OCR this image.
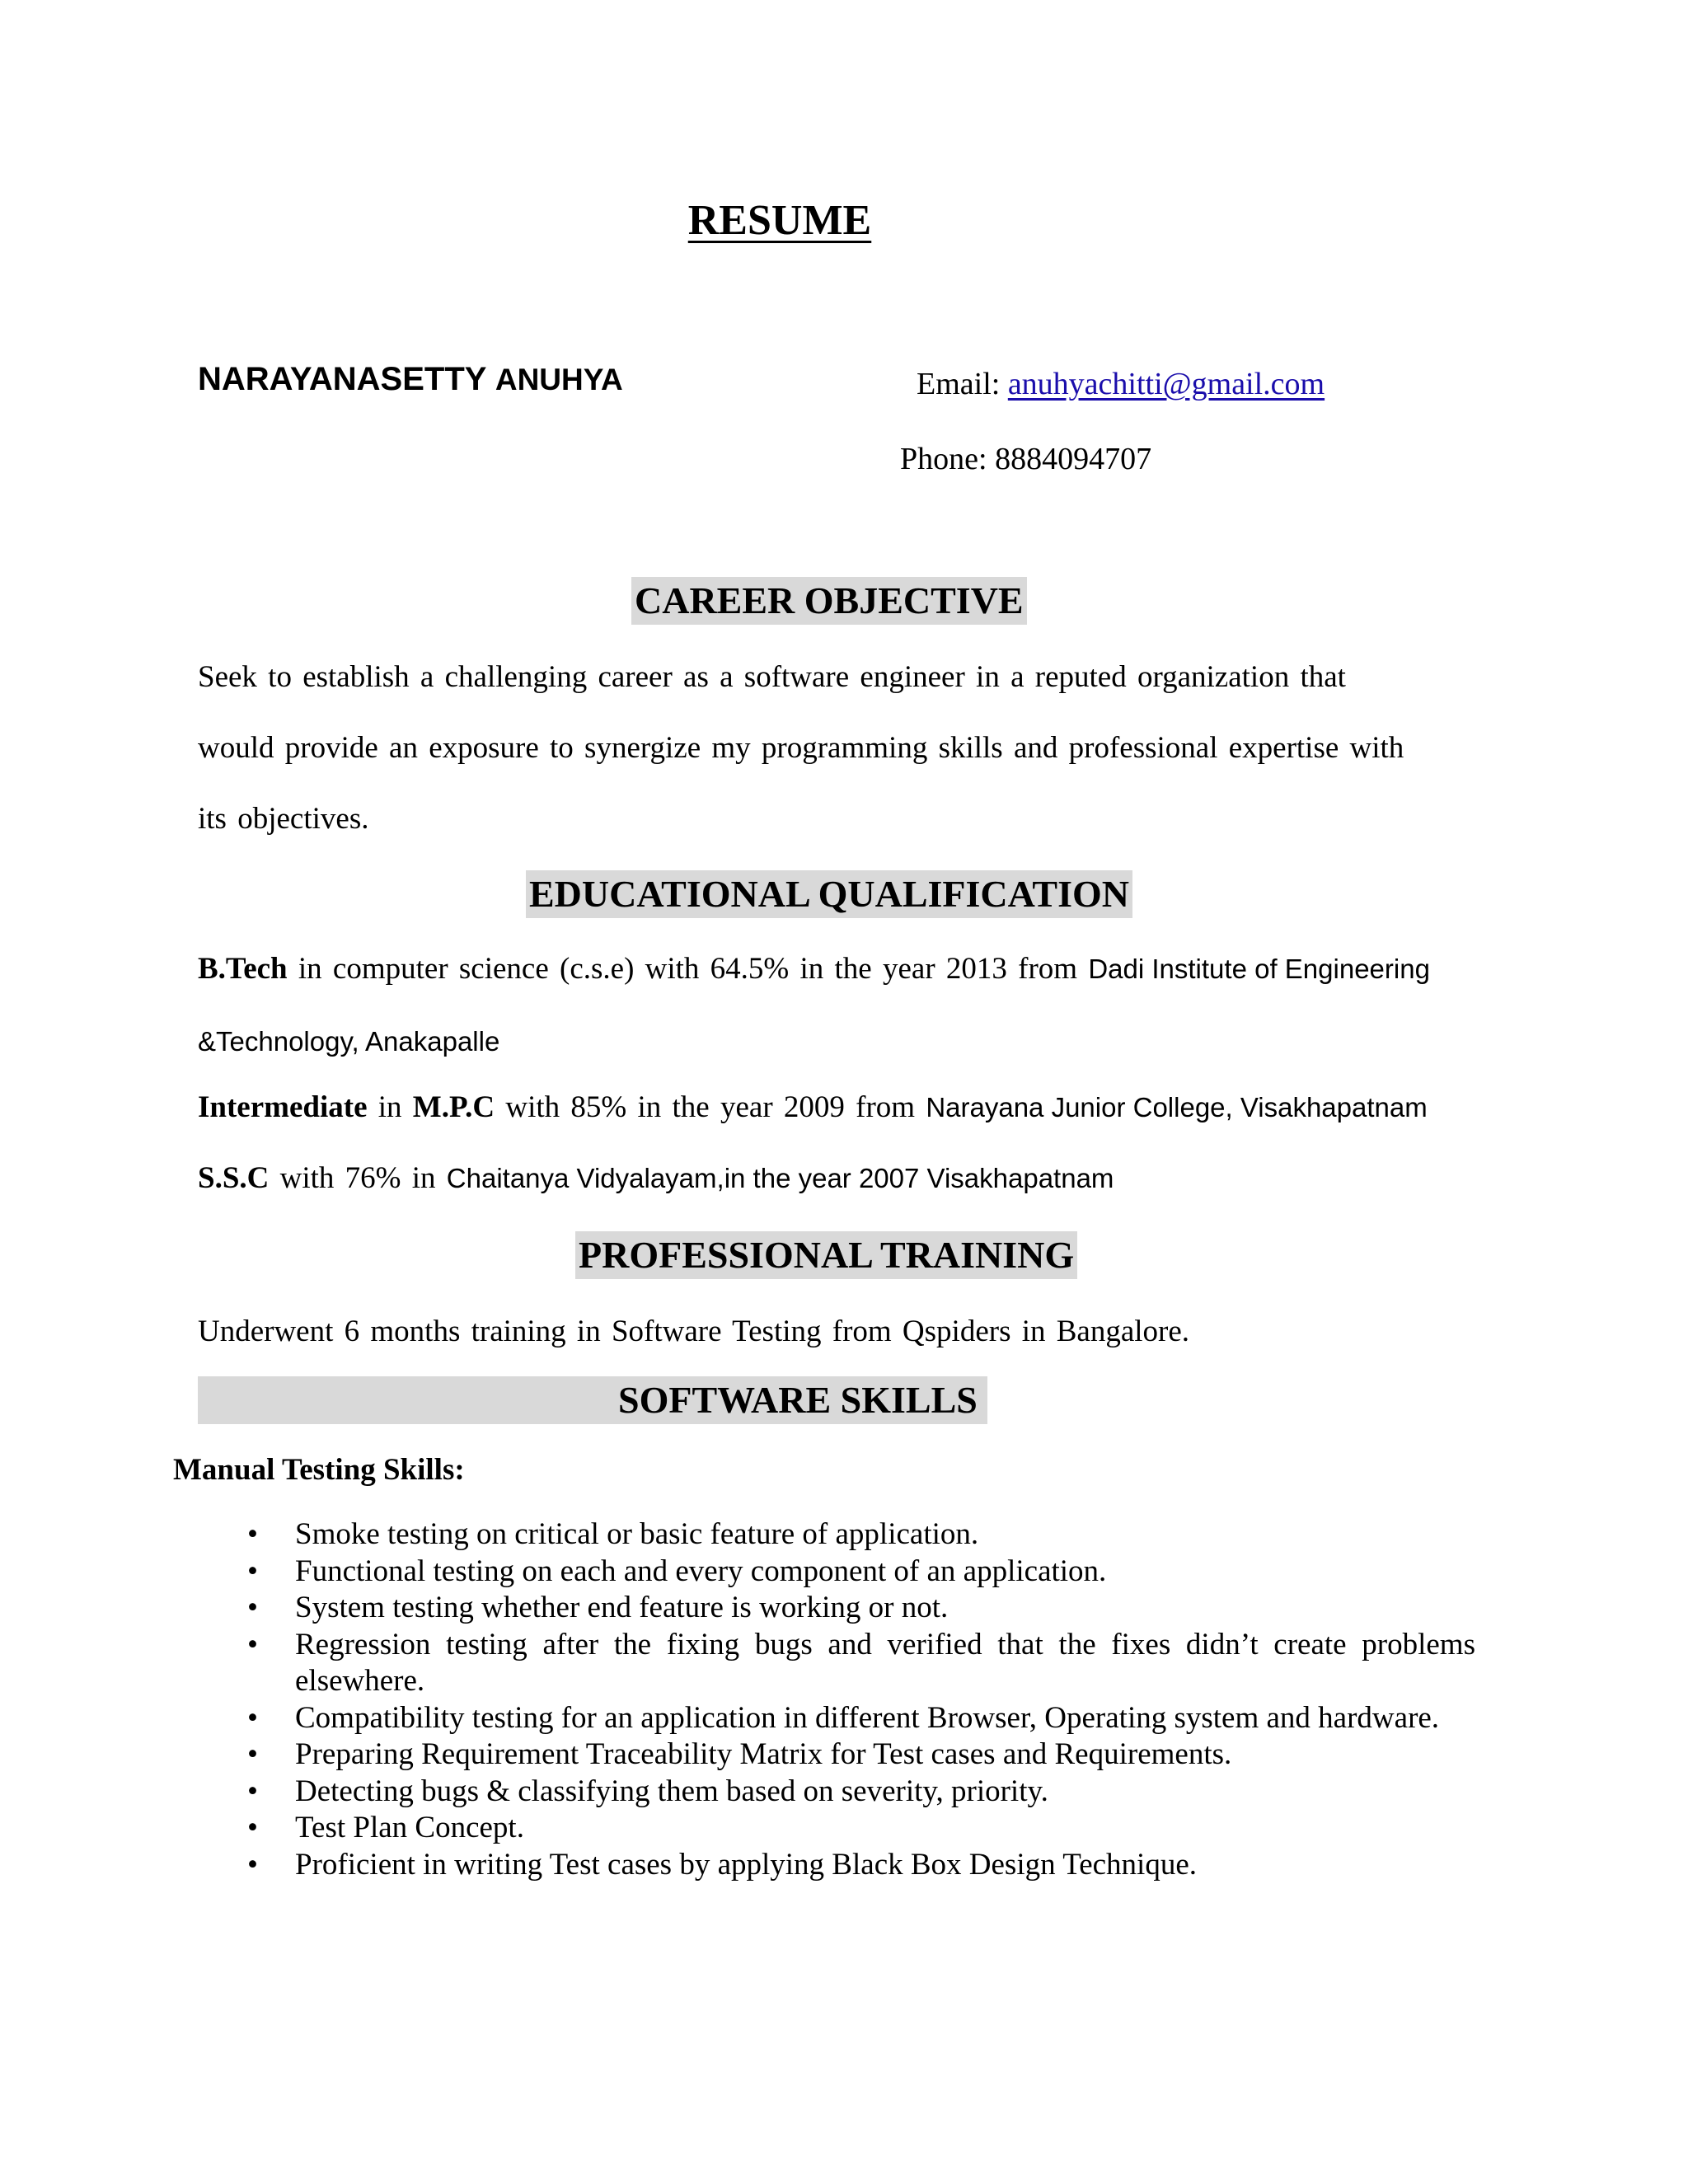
RESUME
NARAYANASETTY ANUHYA	Email: anuhyachitti@gmail.com
Phone: 8884094707
CAREER OBJECTIVE
Seek to establish a challenging career as a software engineer in a reputed organization that
would provide an exposure to synergize my programming skills and professional expertise with
its objectives.
EDUCATIONAL QUALIFICATION
B.Tech in computer science (c.s.e) with 64.5% in the year 2013 from Dadi Institute of Engineering
&Technology, Anakapalle
Intermediate in M.P.C with 85% in the year 2009 from Narayana Junior College, Visakhapatnam
S.S.C with 76% in Chaitanya Vidyalayam,in the year 2007 Visakhapatnam
PROFESSIONAL TRAINING
Underwent 6 months training in Software Testing from Qspiders in Bangalore.
SOFTWARE SKILLS
Manual Testing Skills:
• Smoke testing on critical or basic feature of application.
• Functional testing on each and every component of an application.
• System testing whether end feature is working or not.
• Regression testing after the fixing bugs and verified that the fixes didn’t create problems elsewhere.
• Compatibility testing for an application in different Browser, Operating system and hardware.
• Preparing Requirement Traceability Matrix for Test cases and Requirements.
• Detecting bugs & classifying them based on severity, priority.
• Test Plan Concept.
• Proficient in writing Test cases by applying Black Box Design Technique.
